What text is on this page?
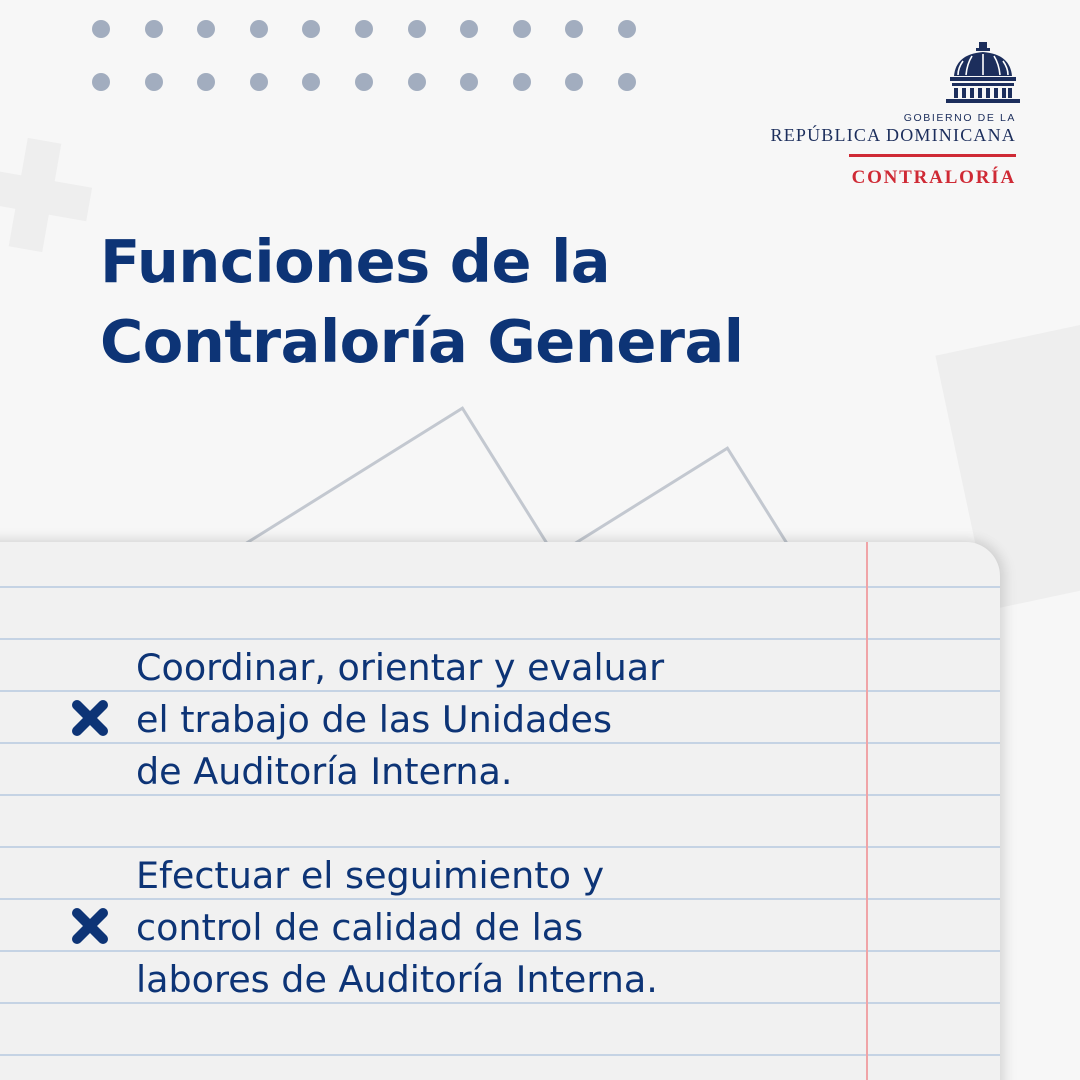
GOBIERNO DE LA
REPÚBLICA DOMINICANA
CONTRALORÍA
Funciones de la
Contraloría General
Coordinar, orientar y evaluar
el trabajo de las Unidades
de Auditoría Interna.
Efectuar el seguimiento y
control de calidad de las
labores de Auditoría Interna.
